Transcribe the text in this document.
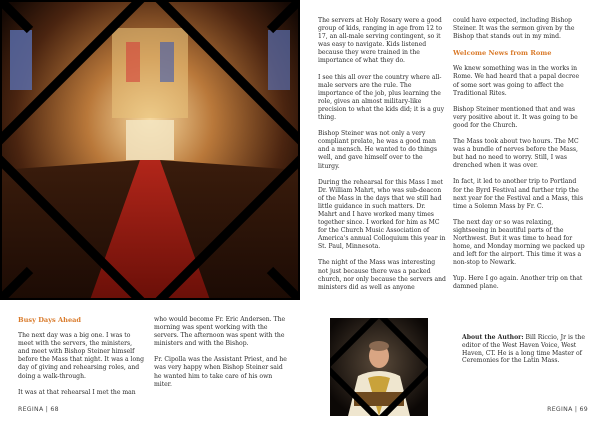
Busy Days Ahead

The next day was a big one. I was to meet with the servers, the ministers, and meet with Bishop Steiner himself before the Mass that night. It was a long day of giving and rehearsing roles, and doing a walk-through.

It was at that rehearsal I met the man

who would become Fr. Eric Andersen. The morning was spent working with the servers. The afternoon was spent with the ministers and with the Bishop.

Fr. Cipolla was the Assistant Priest, and he was very happy when Bishop Steiner said he wanted him to take care of his own miter.

REGINA | 68

The servers at Holy Rosary were a good group of kids, ranging in age from 12 to 17, an all-male serving contingent, so it was easy to navigate. Kids listened because they were trained in the importance of what they do.

I see this all over the country where all-male servers are the rule. The importance of the job, plus learning the role, gives an almost military-like precision to what the kids did; it is a guy thing.

Bishop Steiner was not only a very compliant prelate, he was a good man and a mensch. He wanted to do things well, and gave himself over to the liturgy.

During the rehearsal for this Mass I met Dr. William Mahrt, who was sub-deacon of the Mass in the days that we still had little guidance in such matters. Dr. Mahrt and I have worked many times together since. I worked for him as MC for the Church Music Association of America's annual Colloquium this year in St. Paul, Minnesota.

The night of the Mass was interesting not just because there was a packed church, nor only because the servers and ministers did as well as anyone

could have expected, including Bishop Steiner. It was the sermon given by the Bishop that stands out in my mind.

Welcome News from Rome

We knew something was in the works in Rome. We had heard that a papal decree of some sort was going to affect the Traditional Rites.

Bishop Steiner mentioned that and was very positive about it. It was going to be good for the Church.

The Mass took about two hours. The MC was a bundle of nerves before the Mass, but had no need to worry. Still, I was drenched when it was over.

In fact, it led to another trip to Portland for the Byrd Festival and further trip the next year for the Festival and a Mass, this time a Solemn Mass by Fr. C.

The next day or so was relaxing, sightseeing in beautiful parts of the Northwest. But it was time to head for home, and Monday morning we packed up and left for the airport. This time it was a non-stop to Newark.

Yup. Here I go again. Another trip on that damned plane.

About the Author: Bill Riccio, Jr is the editor of the West Haven Voice, West Haven, CT. He is a long time Master of Ceremonies for the Latin Mass.
REGINA | 69
